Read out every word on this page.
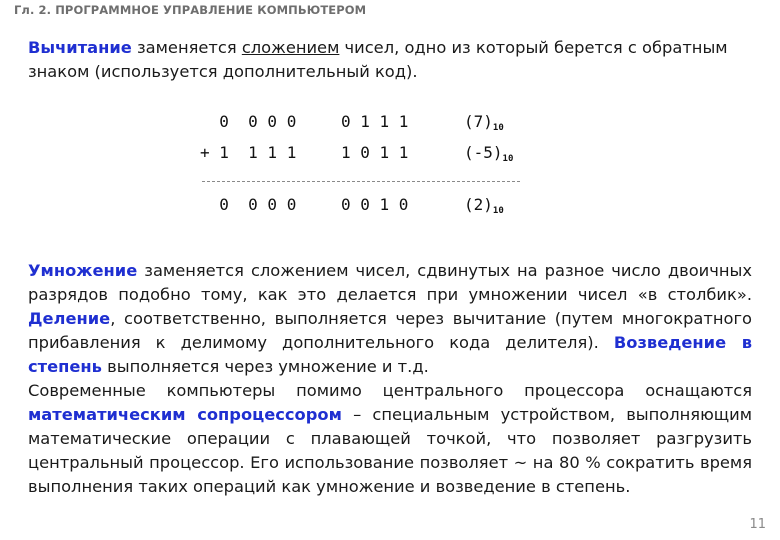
Гл. 2. ПРОГРАММНОЕ УПРАВЛЕНИЕ КОМПЬЮТЕРОМ
Вычитание заменяется сложением чисел, одно из который берется с обратным знаком (используется дополнительный код).
0  0 0 0	0 1 1 1	$(7)_{10}$
+ 1  1 1 1	1 0 1 1	$(-5)_{10}$
0  0 0 0	0 0 1 0	$(2)_{10}$
Умножение заменяется сложением чисел, сдвинутых на разное число двоичных разрядов подобно тому, как это делается при умножении чисел «в столбик». Деление, соответственно, выполняется через вычитание (путем многократного прибавления к делимому дополнительного кода делителя). Возведение в степень выполняется через умножение и т.д.
Современные компьютеры помимо центрального процессора оснащаются математическим сопроцессором – специальным устройством, выполняющим математические операции с плавающей точкой, что позволяет разгрузить центральный процессор. Его использование позволяет ~ на 80 % сократить время выполнения таких операций как умножение и возведение в степень.
11
